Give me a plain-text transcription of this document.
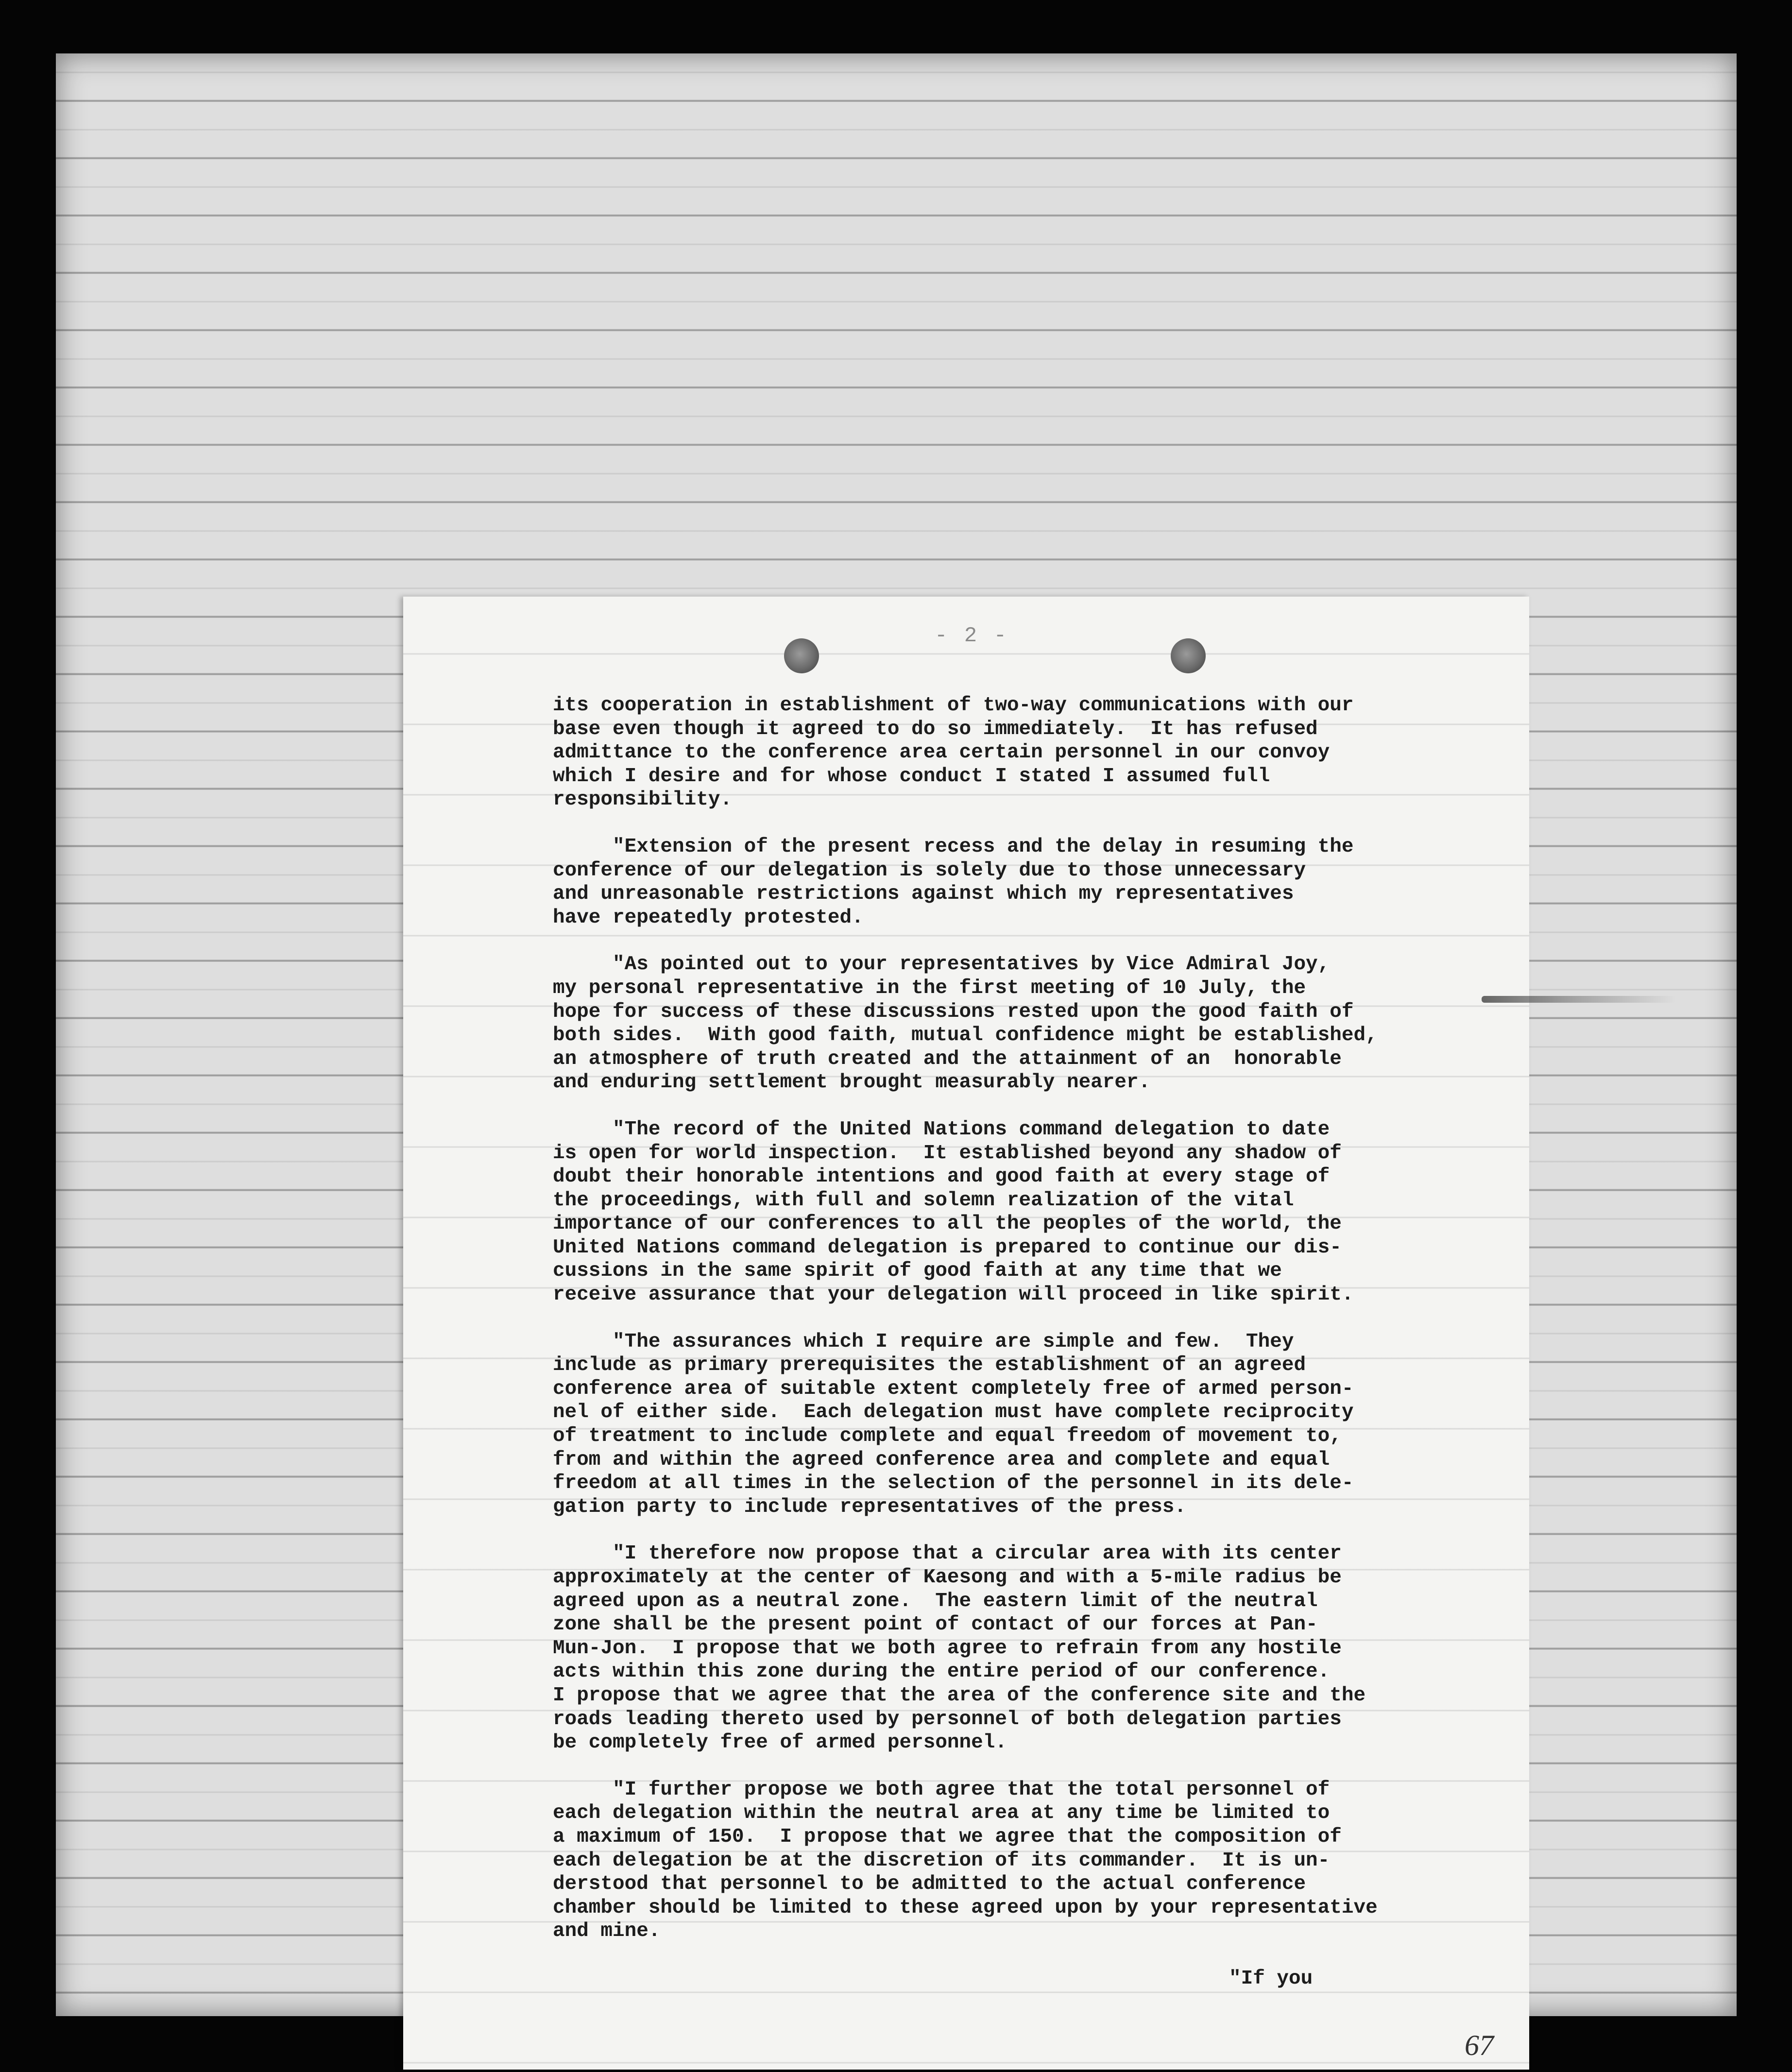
- 2 -

its cooperation in establishment of two-way communications with our
base even though it agreed to do so immediately.  It has refused
admittance to the conference area certain personnel in our convoy
which I desire and for whose conduct I stated I assumed full
responsibility.

"Extension of the present recess and the delay in resuming the
conference of our delegation is solely due to those unnecessary
and unreasonable restrictions against which my representatives
have repeatedly protested.

"As pointed out to your representatives by Vice Admiral Joy,
my personal representative in the first meeting of 10 July, the
hope for success of these discussions rested upon the good faith of
both sides.  With good faith, mutual confidence might be established,
an atmosphere of truth created and the attainment of an  honorable
and enduring settlement brought measurably nearer.

"The record of the United Nations command delegation to date
is open for world inspection.  It established beyond any shadow of
doubt their honorable intentions and good faith at every stage of
the proceedings, with full and solemn realization of the vital
importance of our conferences to all the peoples of the world, the
United Nations command delegation is prepared to continue our dis-
cussions in the same spirit of good faith at any time that we
receive assurance that your delegation will proceed in like spirit.

"The assurances which I require are simple and few.  They
include as primary prerequisites the establishment of an agreed
conference area of suitable extent completely free of armed person-
nel of either side.  Each delegation must have complete reciprocity
of treatment to include complete and equal freedom of movement to,
from and within the agreed conference area and complete and equal
freedom at all times in the selection of the personnel in its dele-
gation party to include representatives of the press.

"I therefore now propose that a circular area with its center
approximately at the center of Kaesong and with a 5-mile radius be
agreed upon as a neutral zone.  The eastern limit of the neutral
zone shall be the present point of contact of our forces at Pan-
Mun-Jon.  I propose that we both agree to refrain from any hostile
acts within this zone during the entire period of our conference.
I propose that we agree that the area of the conference site and the
roads leading thereto used by personnel of both delegation parties
be completely free of armed personnel.

"I further propose we both agree that the total personnel of
each delegation within the neutral area at any time be limited to
a maximum of 150.  I propose that we agree that the composition of
each delegation be at the discretion of its commander.  It is un-
derstood that personnel to be admitted to the actual conference
chamber should be limited to these agreed upon by your representative
and mine.

"If you
67
